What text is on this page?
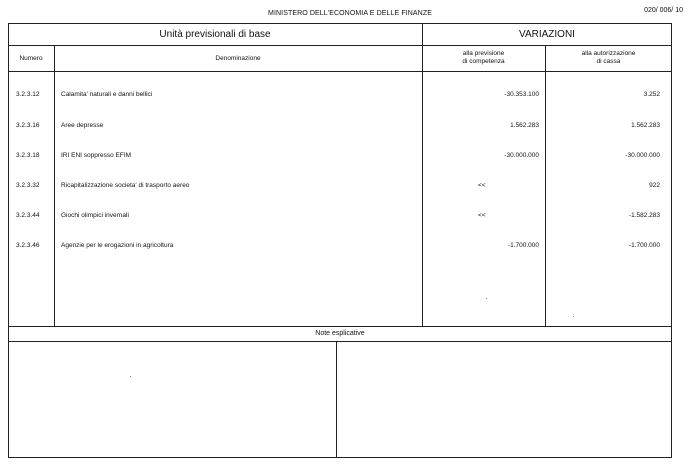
MINISTERO DELL'ECONOMIA E DELLE FINANZE	020/ 006/ 10
Unità previsionali di base	VARIAZIONI
Numero	Denominazione
alla previsione
di competenza
alla autorizzazione
di cassa
3.2.3.12	Calamita' naturali e danni bellici	-30.353.100	3.252
3.2.3.16	Aree depresse	1.562.283	1.562.283
3.2.3.18	IRI ENI soppresso EFIM	-30.000.000	-30.000.000
3.2.3.32	Ricapitalizzazione societa' di trasporto aereo	<<	922
3.2.3.44	Giochi olimpici invernali	<<	-1.582.283
3.2.3.46	Agenzie per le erogazioni in agricoltura	-1.700.000	-1.700.000
Note esplicative
